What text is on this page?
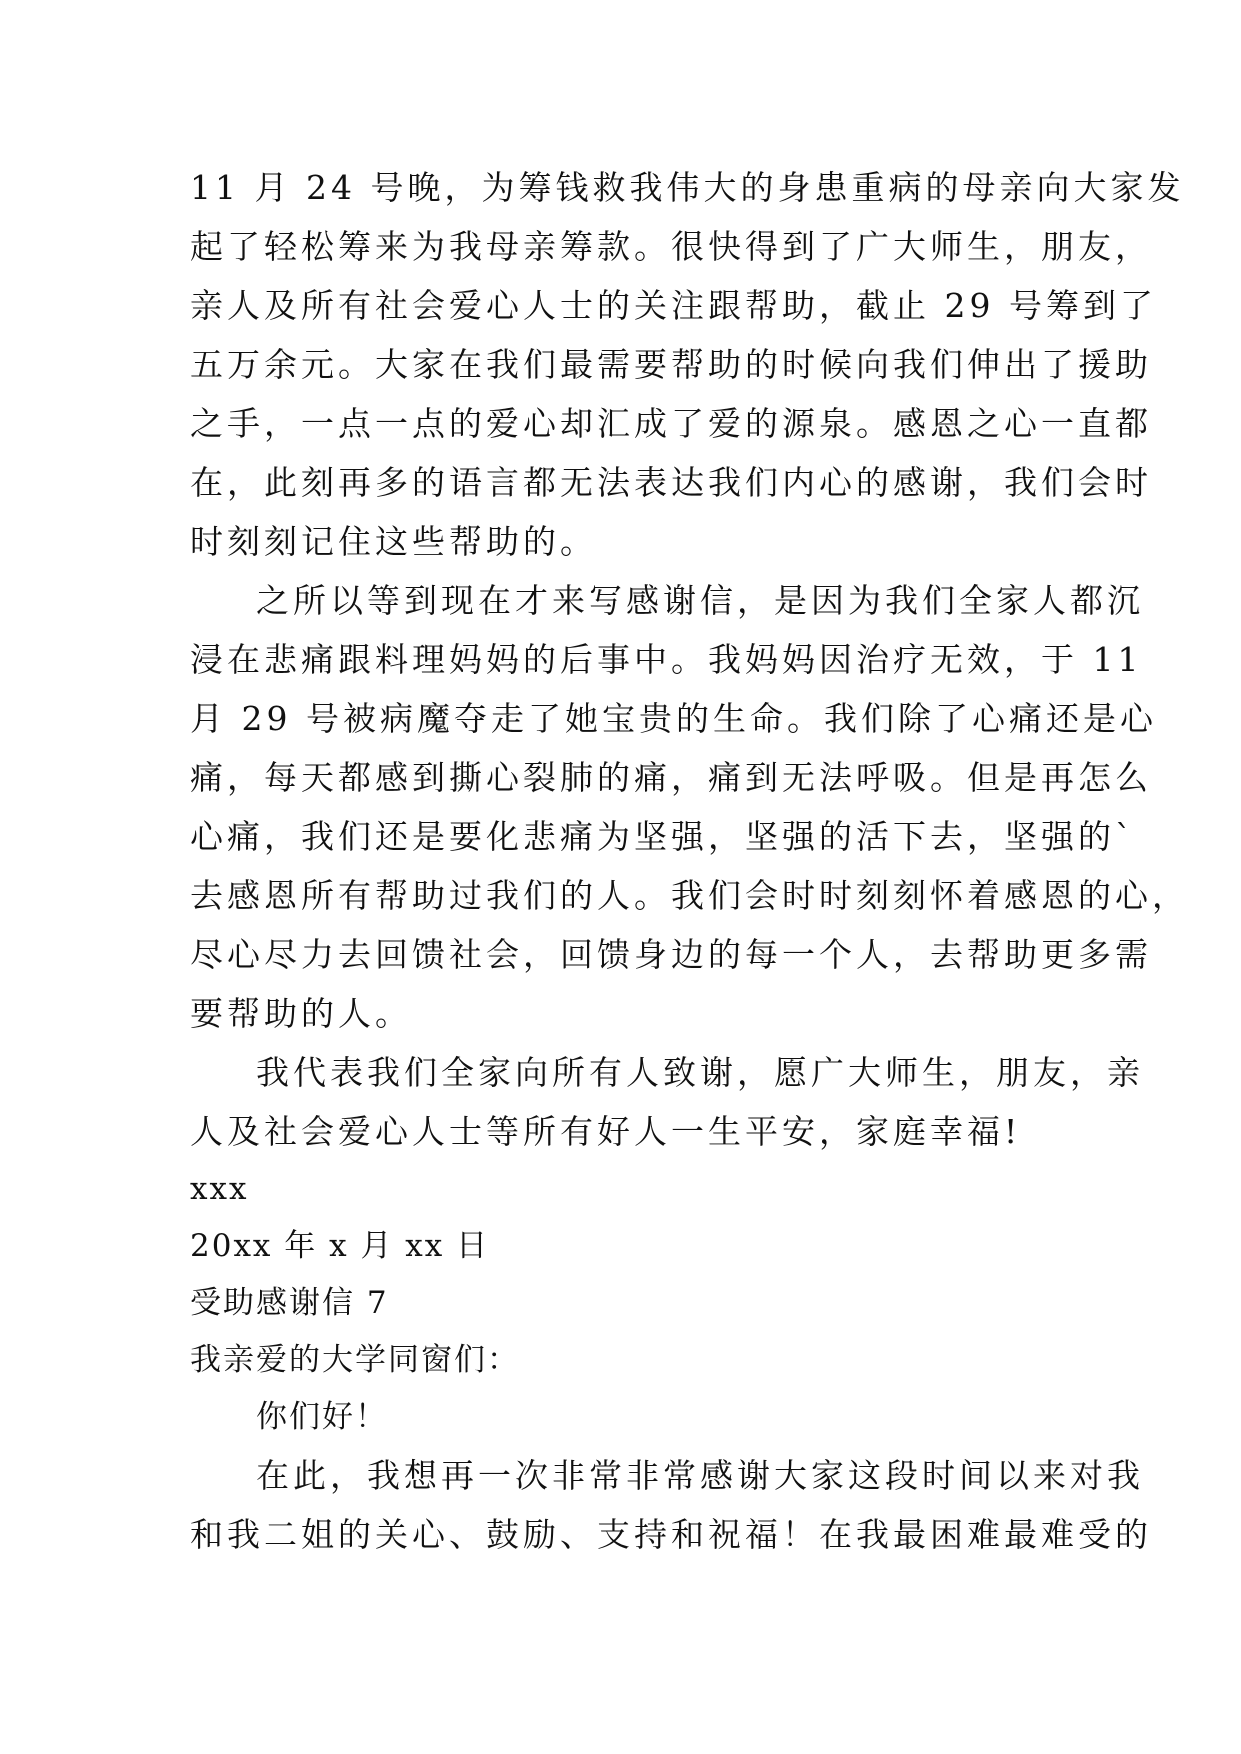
11 月 24 号晚，为筹钱救我伟大的身患重病的母亲向大家发
起了轻松筹来为我母亲筹款。很快得到了广大师生，朋友，
亲人及所有社会爱心人士的关注跟帮助，截止 29 号筹到了
五万余元。大家在我们最需要帮助的时候向我们伸出了援助
之手，一点一点的爱心却汇成了爱的源泉。感恩之心一直都
在，此刻再多的语言都无法表达我们内心的感谢，我们会时
时刻刻记住这些帮助的。
之所以等到现在才来写感谢信，是因为我们全家人都沉
浸在悲痛跟料理妈妈的后事中。我妈妈因治疗无效，于 11
月 29 号被病魔夺走了她宝贵的生命。我们除了心痛还是心
痛，每天都感到撕心裂肺的痛，痛到无法呼吸。但是再怎么
心痛，我们还是要化悲痛为坚强，坚强的活下去，坚强的`
去感恩所有帮助过我们的人。我们会时时刻刻怀着感恩的心，
尽心尽力去回馈社会，回馈身边的每一个人，去帮助更多需
要帮助的人。
我代表我们全家向所有人致谢，愿广大师生，朋友，亲
人及社会爱心人士等所有好人一生平安，家庭幸福!

xxx

20xx 年 x 月 xx 日

受助感谢信 7

我亲爱的大学同窗们：

你们好！

在此，我想再一次非常非常感谢大家这段时间以来对我
和我二姐的关心、鼓励、支持和祝福！在我最困难最难受的
